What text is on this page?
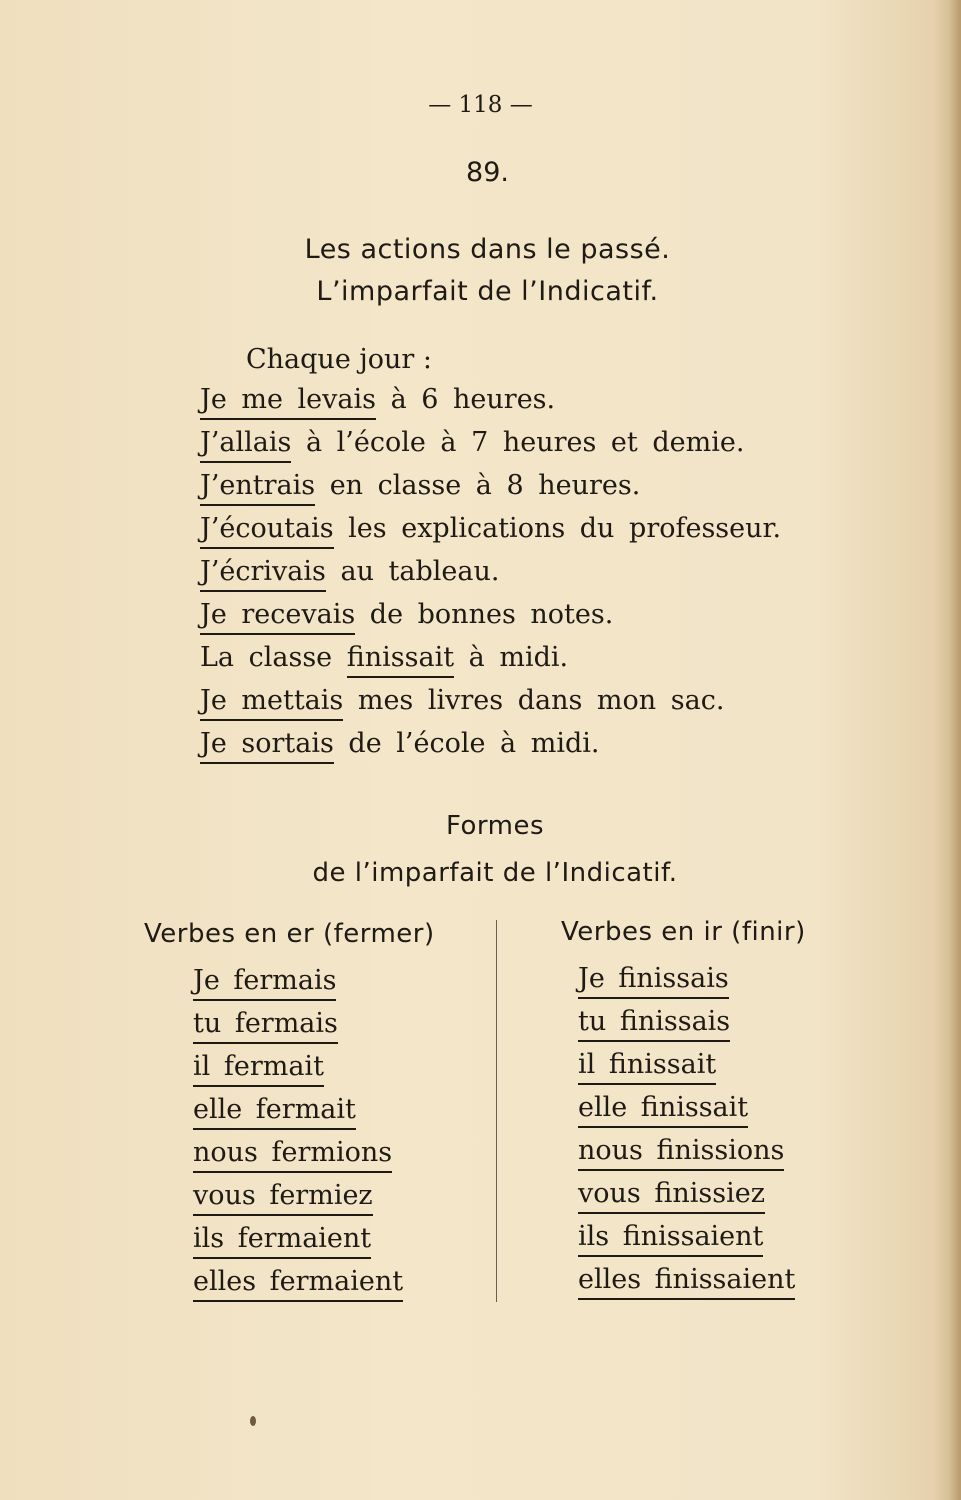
— 118 —
89.
Les actions dans le passé.
L’imparfait de l’Indicatif.
Chaque jour :
Je me levais à 6 heures.
J’allais à l’école à 7 heures et demie.
J’entrais en classe à 8 heures.
J’écoutais les explications du professeur.
J’écrivais au tableau.
Je recevais de bonnes notes.
La classe finissait à midi.
Je mettais mes livres dans mon sac.
Je sortais de l’école à midi.
Formes
de l’imparfait de l’Indicatif.
Verbes en er (fermer)	Verbes en ir (finir)
Je fermais
tu fermais
il fermait
elle fermait
nous fermions
vous fermiez
ils fermaient
elles fermaient
Je finissais
tu finissais
il finissait
elle finissait
nous finissions
vous finissiez
ils finissaient
elles finissaient
